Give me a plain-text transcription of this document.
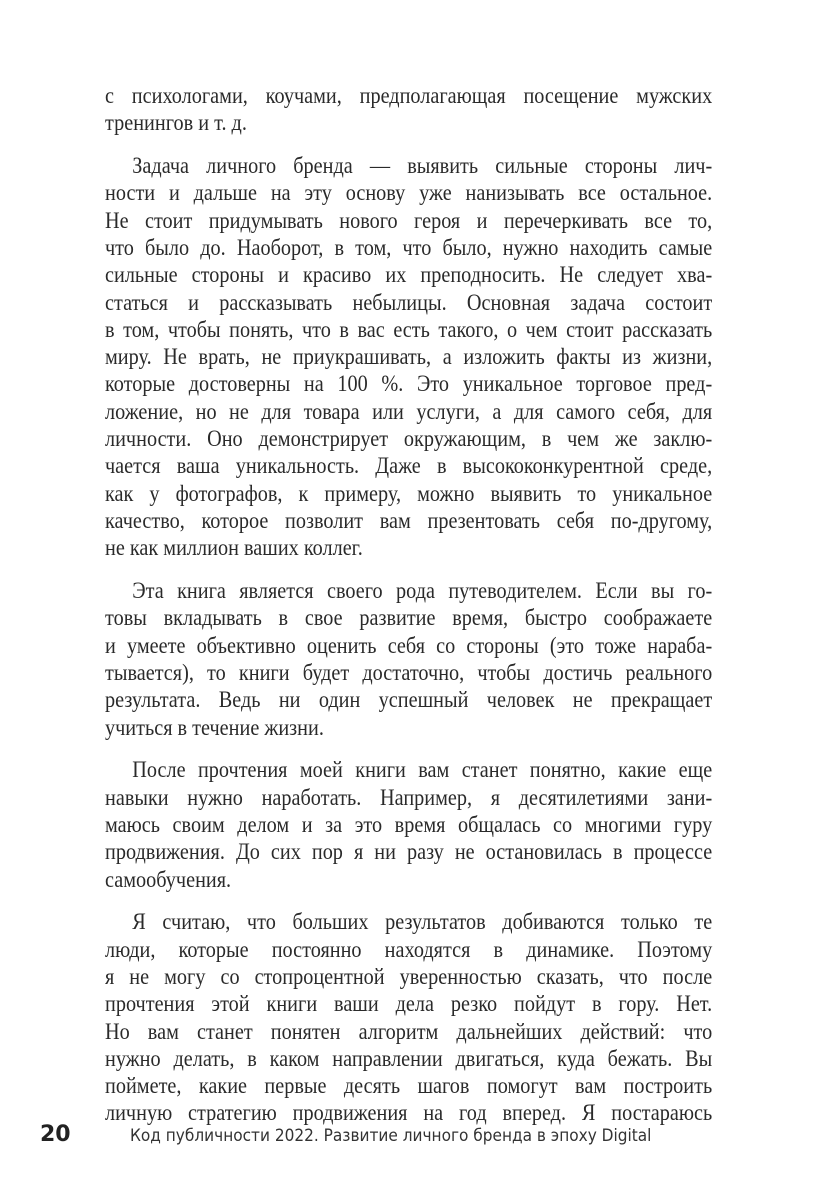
с психологами, коучами, предполагающая посещение мужских
тренингов и т. д.
Задача личного бренда — выявить сильные стороны лич-
ности и дальше на эту основу уже нанизывать все остальное.
Не стоит придумывать нового героя и перечеркивать все то,
что было до. Наоборот, в том, что было, нужно находить самые
сильные стороны и красиво их преподносить. Не следует хва-
статься и рассказывать небылицы. Основная задача состоит
в том, чтобы понять, что в вас есть такого, о чем стоит рассказать
миру. Не врать, не приукрашивать, а изложить факты из жизни,
которые достоверны на 100 %. Это уникальное торговое пред-
ложение, но не для товара или услуги, а для самого себя, для
личности. Оно демонстрирует окружающим, в чем же заклю-
чается ваша уникальность. Даже в высококонкурентной среде,
как у фотографов, к примеру, можно выявить то уникальное
качество, которое позволит вам презентовать себя по-другому,
не как миллион ваших коллег.
Эта книга является своего рода путеводителем. Если вы го-
товы вкладывать в свое развитие время, быстро соображаете
и умеете объективно оценить себя со стороны (это тоже нараба-
тывается), то книги будет достаточно, чтобы достичь реального
результата. Ведь ни один успешный человек не прекращает
учиться в течение жизни.
После прочтения моей книги вам станет понятно, какие еще
навыки нужно наработать. Например, я десятилетиями зани-
маюсь своим делом и за это время общалась со многими гуру
продвижения. До сих пор я ни разу не остановилась в процессе
самообучения.
Я считаю, что больших результатов добиваются только те
люди, которые постоянно находятся в динамике. Поэтому
я не могу со стопроцентной уверенностью сказать, что после
прочтения этой книги ваши дела резко пойдут в гору. Нет.
Но вам станет понятен алгоритм дальнейших действий: что
нужно делать, в каком направлении двигаться, куда бежать. Вы
поймете, какие первые десять шагов помогут вам построить
личную стратегию продвижения на год вперед. Я постараюсь
20	Код публичности 2022. Развитие личного бренда в эпоху Digital
